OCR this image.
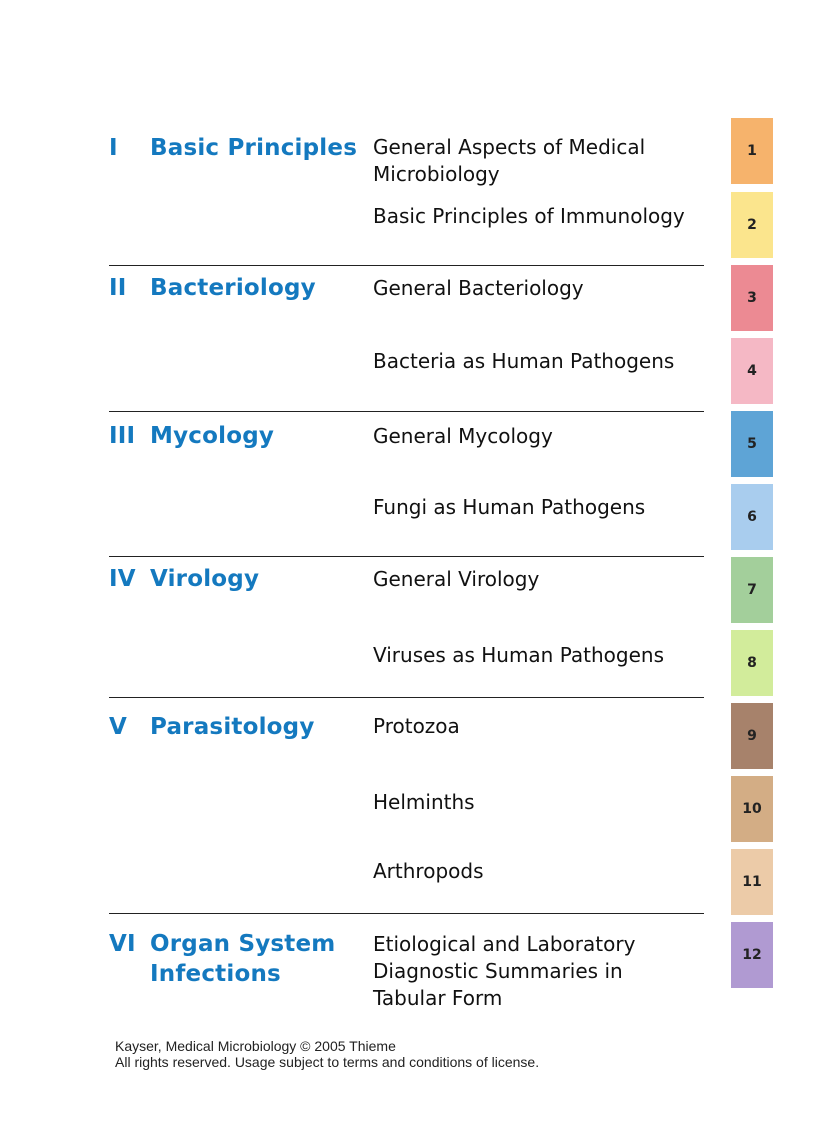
I Basic Principles
II Bacteriology
III Mycology
IV Virology
V Parasitology
VI Organ System
Infections
General Aspects of Medical
Microbiology
Basic Principles of Immunology
General Bacteriology
Bacteria as Human Pathogens
General Mycology
Fungi as Human Pathogens
General Virology
Viruses as Human Pathogens
Protozoa
Helminths
Arthropods
Etiological and Laboratory
Diagnostic Summaries in
Tabular Form
1
2
3
4
5
6
7
8
9
10
11
12
Kayser, Medical Microbiology © 2005 Thieme
All rights reserved. Usage subject to terms and conditions of license.
